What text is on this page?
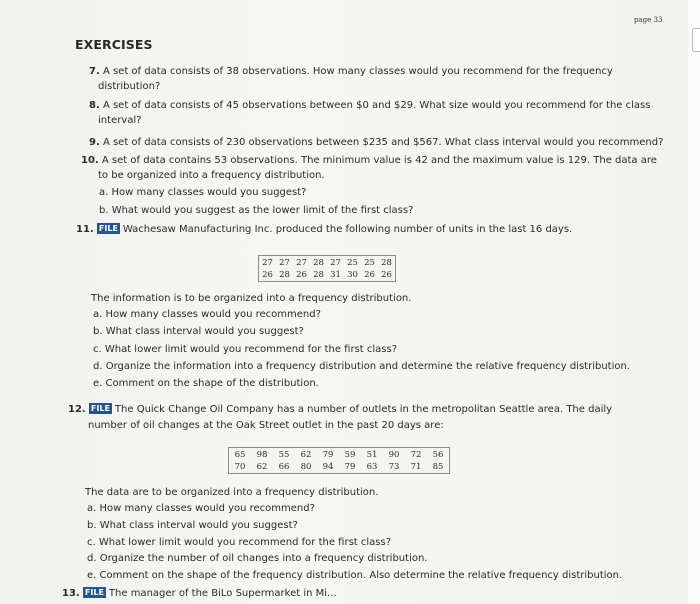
page 33
EXERCISES
7. A set of data consists of 38 observations. How many classes would you recommend for the frequency
distribution?
8. A set of data consists of 45 observations between $0 and $29. What size would you recommend for the class
interval?
9. A set of data consists of 230 observations between $235 and $567. What class interval would you recommend?
10. A set of data contains 53 observations. The minimum value is 42 and the maximum value is 129. The data are
to be organized into a frequency distribution.
a. How many classes would you suggest?
b. What would you suggest as the lower limit of the first class?
11. FILE Wachesaw Manufacturing Inc. produced the following number of units in the last 16 days.
27	27	27	28	27	25	25	28
26	28	26	28	31	30	26	26
The information is to be organized into a frequency distribution.
a. How many classes would you recommend?
b. What class interval would you suggest?
c. What lower limit would you recommend for the first class?
d. Organize the information into a frequency distribution and determine the relative frequency distribution.
e. Comment on the shape of the distribution.
12. FILE The Quick Change Oil Company has a number of outlets in the metropolitan Seattle area. The daily
number of oil changes at the Oak Street outlet in the past 20 days are:
65	98	55	62	79	59	51	90	72	56
70	62	66	80	94	79	63	73	71	85
The data are to be organized into a frequency distribution.
a. How many classes would you recommend?
b. What class interval would you suggest?
c. What lower limit would you recommend for the first class?
d. Organize the number of oil changes into a frequency distribution.
e. Comment on the shape of the frequency distribution. Also determine the relative frequency distribution.
13. FILE The manager of the BiLo Supermarket in Mi...
